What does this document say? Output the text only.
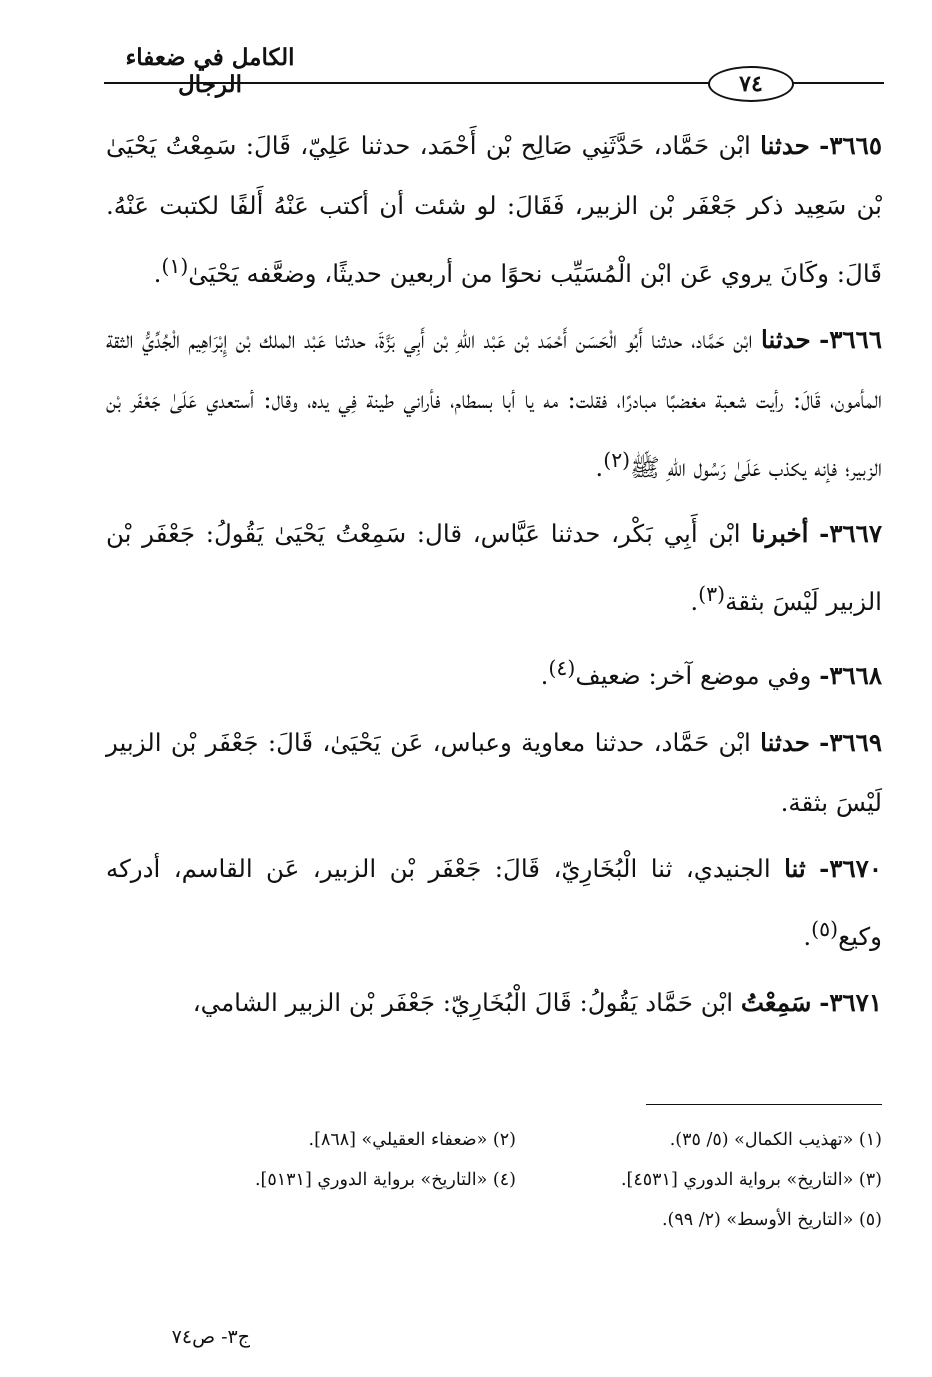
الكامل في ضعفاء الرجال	٧٤

٣٦٦٥- حدثنا ابْن حَمَّاد، حَدَّثَنِي صَالِح بْن أَحْمَد، حدثنا عَلِيّ، قَالَ: سَمِعْتُ يَحْيَىٰ بْن سَعِيد ذكر جَعْفَر بْن الزبير، فَقَالَ: لو شئت أن أكتب عَنْهُ أَلفًا لكتبت عَنْهُ. قَالَ: وكَانَ يروي عَن ابْن الْمُسَيِّب نحوًا من أربعين حديثًا، وضعَّفه يَحْيَىٰ$^{(١)}$.

٣٦٦٦- حدثنا ابْن حَمَّاد، حدثنا أَبُو الْحَسَن أَحْمَد بْن عَبْد اللهِ بْن أَبِي بَزَّةَ، حدثنا عَبْد الملك بْن إِبْرَاهِيم الْجُدِّيُّ الثقة المأمون، قَالَ: رأيت شعبة مغضبًا مبادرًا، فقلت: مه يا أبا بسطام، فأراني طينة فِي يده، وقال: أستعدي عَلَىٰ جَعْفَر بْن الزبير؛ فإنه يكذب عَلَىٰ رَسُول اللهِ ﷺ$^{(٢)}$.

٣٦٦٧- أخبرنا ابْن أَبِي بَكْر، حدثنا عَبَّاس، قال: سَمِعْتُ يَحْيَىٰ يَقُولُ: جَعْفَر بْن الزبير لَيْسَ بثقة$^{(٣)}$.

٣٦٦٨- وفي موضع آخر: ضعيف$^{(٤)}$.

٣٦٦٩- حدثنا ابْن حَمَّاد، حدثنا معاوية وعباس، عَن يَحْيَىٰ، قَالَ: جَعْفَر بْن الزبير لَيْسَ بثقة.

٣٦٧٠- ثنا الجنيدي، ثنا الْبُخَارِيّ، قَالَ: جَعْفَر بْن الزبير، عَن القاسم، أدركه وكيع$^{(٥)}$.

٣٦٧١- سَمِعْتُ ابْن حَمَّاد يَقُولُ: قَالَ الْبُخَارِيّ: جَعْفَر بْن الزبير الشامي،

(١) «تهذيب الكمال» (٥/ ٣٥).
(٢) «ضعفاء العقيلي» [٨٦٨].
(٣) «التاريخ» برواية الدوري [٤٥٣١].
(٤) «التاريخ» برواية الدوري [٥١٣١].
(٥) «التاريخ الأوسط» (٢/ ٩٩).
ج٣- ص٧٤
